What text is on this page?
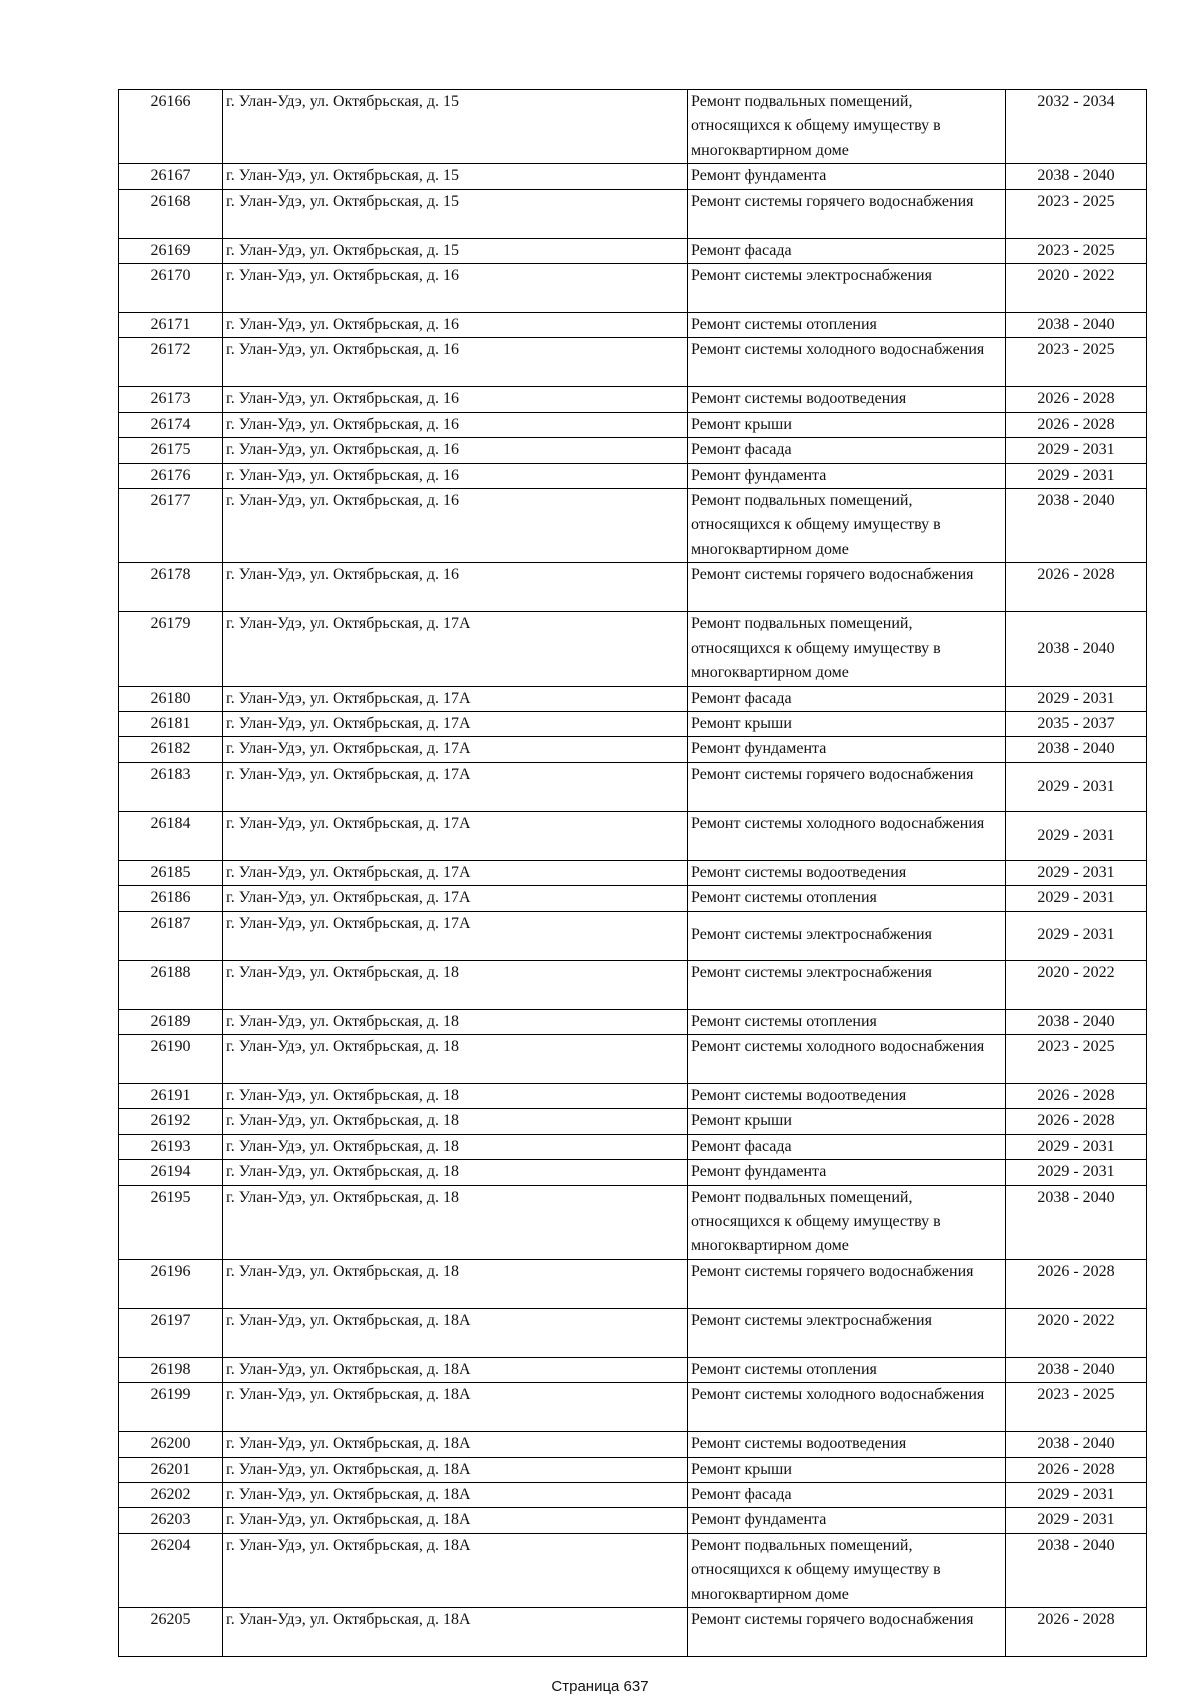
26166	г. Улан-Удэ, ул. Октябрьская, д. 15	Ремонт подвальных помещений, относящихся к общему имуществу в многоквартирном доме	2032 - 2034
26167	г. Улан-Удэ, ул. Октябрьская, д. 15	Ремонт фундамента	2038 - 2040
26168	г. Улан-Удэ, ул. Октябрьская, д. 15	Ремонт системы горячего водоснабжения	2023 - 2025
26169	г. Улан-Удэ, ул. Октябрьская, д. 15	Ремонт фасада	2023 - 2025
26170	г. Улан-Удэ, ул. Октябрьская, д. 16	Ремонт системы электроснабжения	2020 - 2022
26171	г. Улан-Удэ, ул. Октябрьская, д. 16	Ремонт системы отопления	2038 - 2040
26172	г. Улан-Удэ, ул. Октябрьская, д. 16	Ремонт системы холодного водоснабжения	2023 - 2025
26173	г. Улан-Удэ, ул. Октябрьская, д. 16	Ремонт системы водоотведения	2026 - 2028
26174	г. Улан-Удэ, ул. Октябрьская, д. 16	Ремонт крыши	2026 - 2028
26175	г. Улан-Удэ, ул. Октябрьская, д. 16	Ремонт фасада	2029 - 2031
26176	г. Улан-Удэ, ул. Октябрьская, д. 16	Ремонт фундамента	2029 - 2031
26177	г. Улан-Удэ, ул. Октябрьская, д. 16	Ремонт подвальных помещений, относящихся к общему имуществу в многоквартирном доме	2038 - 2040
26178	г. Улан-Удэ, ул. Октябрьская, д. 16	Ремонт системы горячего водоснабжения	2026 - 2028
26179	г. Улан-Удэ, ул. Октябрьская, д. 17А	Ремонт подвальных помещений, относящихся к общему имуществу в многоквартирном доме	2038 - 2040
26180	г. Улан-Удэ, ул. Октябрьская, д. 17А	Ремонт фасада	2029 - 2031
26181	г. Улан-Удэ, ул. Октябрьская, д. 17А	Ремонт крыши	2035 - 2037
26182	г. Улан-Удэ, ул. Октябрьская, д. 17А	Ремонт фундамента	2038 - 2040
26183	г. Улан-Удэ, ул. Октябрьская, д. 17А	Ремонт системы горячего водоснабжения	2029 - 2031
26184	г. Улан-Удэ, ул. Октябрьская, д. 17А	Ремонт системы холодного водоснабжения	2029 - 2031
26185	г. Улан-Удэ, ул. Октябрьская, д. 17А	Ремонт системы водоотведения	2029 - 2031
26186	г. Улан-Удэ, ул. Октябрьская, д. 17А	Ремонт системы отопления	2029 - 2031
26187	г. Улан-Удэ, ул. Октябрьская, д. 17А	Ремонт системы электроснабжения	2029 - 2031
26188	г. Улан-Удэ, ул. Октябрьская, д. 18	Ремонт системы электроснабжения	2020 - 2022
26189	г. Улан-Удэ, ул. Октябрьская, д. 18	Ремонт системы отопления	2038 - 2040
26190	г. Улан-Удэ, ул. Октябрьская, д. 18	Ремонт системы холодного водоснабжения	2023 - 2025
26191	г. Улан-Удэ, ул. Октябрьская, д. 18	Ремонт системы водоотведения	2026 - 2028
26192	г. Улан-Удэ, ул. Октябрьская, д. 18	Ремонт крыши	2026 - 2028
26193	г. Улан-Удэ, ул. Октябрьская, д. 18	Ремонт фасада	2029 - 2031
26194	г. Улан-Удэ, ул. Октябрьская, д. 18	Ремонт фундамента	2029 - 2031
26195	г. Улан-Удэ, ул. Октябрьская, д. 18	Ремонт подвальных помещений, относящихся к общему имуществу в многоквартирном доме	2038 - 2040
26196	г. Улан-Удэ, ул. Октябрьская, д. 18	Ремонт системы горячего водоснабжения	2026 - 2028
26197	г. Улан-Удэ, ул. Октябрьская, д. 18А	Ремонт системы электроснабжения	2020 - 2022
26198	г. Улан-Удэ, ул. Октябрьская, д. 18А	Ремонт системы отопления	2038 - 2040
26199	г. Улан-Удэ, ул. Октябрьская, д. 18А	Ремонт системы холодного водоснабжения	2023 - 2025
26200	г. Улан-Удэ, ул. Октябрьская, д. 18А	Ремонт системы водоотведения	2038 - 2040
26201	г. Улан-Удэ, ул. Октябрьская, д. 18А	Ремонт крыши	2026 - 2028
26202	г. Улан-Удэ, ул. Октябрьская, д. 18А	Ремонт фасада	2029 - 2031
26203	г. Улан-Удэ, ул. Октябрьская, д. 18А	Ремонт фундамента	2029 - 2031
26204	г. Улан-Удэ, ул. Октябрьская, д. 18А	Ремонт подвальных помещений, относящихся к общему имуществу в многоквартирном доме	2038 - 2040
26205	г. Улан-Удэ, ул. Октябрьская, д. 18А	Ремонт системы горячего водоснабжения	2026 - 2028
Страница 637
